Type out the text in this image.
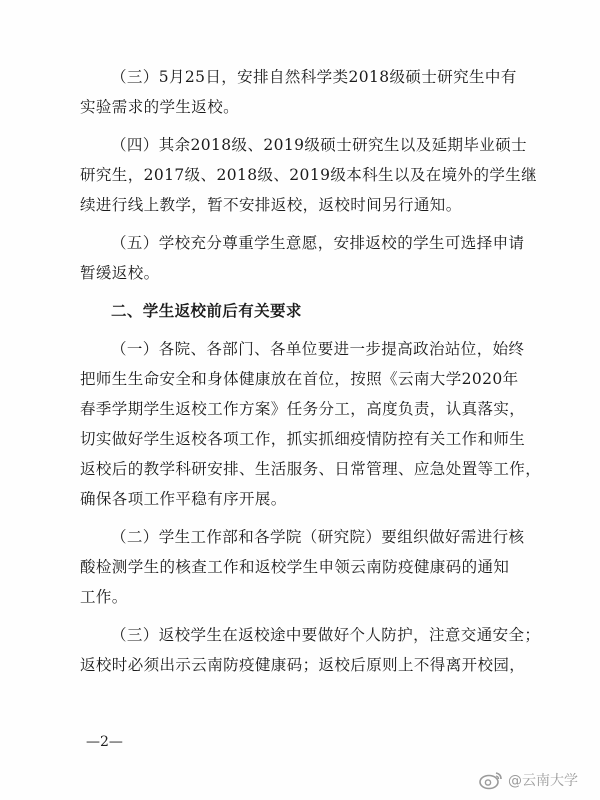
（三）5月25日，安排自然科学类2018级硕士研究生中有
实验需求的学生返校。
（四）其余2018级、2019级硕士研究生以及延期毕业硕士
研究生，2017级、2018级、2019级本科生以及在境外的学生继
续进行线上教学，暂不安排返校，返校时间另行通知。
（五）学校充分尊重学生意愿，安排返校的学生可选择申请
暂缓返校。
二、学生返校前后有关要求
（一）各院、各部门、各单位要进一步提高政治站位，始终
把师生生命安全和身体健康放在首位，按照《云南大学2020年
春季学期学生返校工作方案》任务分工，高度负责，认真落实，
切实做好学生返校各项工作，抓实抓细疫情防控有关工作和师生
返校后的教学科研安排、生活服务、日常管理、应急处置等工作，
确保各项工作平稳有序开展。
（二）学生工作部和各学院（研究院）要组织做好需进行核
酸检测学生的核查工作和返校学生申领云南防疫健康码的通知
工作。
（三）返校学生在返校途中要做好个人防护，注意交通安全；
返校时必须出示云南防疫健康码；返校后原则上不得离开校园，
—2—
@云南大学
